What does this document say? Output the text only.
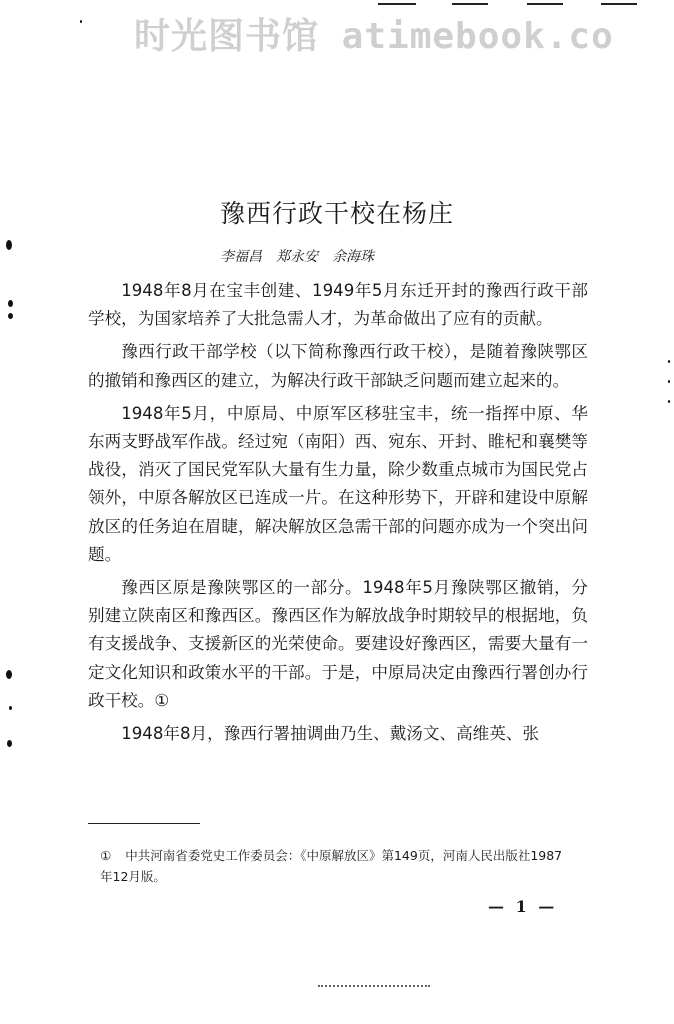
时光图书馆 atimebook.co
豫西行政干校在杨庄
李福昌　郑永安　余海珠

1948年8月在宝丰创建、1949年5月东迁开封的豫西行政干部学校，为国家培养了大批急需人才，为革命做出了应有的贡献。

豫西行政干部学校（以下简称豫西行政干校），是随着豫陕鄂区的撤销和豫西区的建立，为解决行政干部缺乏问题而建立起来的。

1948年5月，中原局、中原军区移驻宝丰，统一指挥中原、华东两支野战军作战。经过宛（南阳）西、宛东、开封、睢杞和襄樊等战役，消灭了国民党军队大量有生力量，除少数重点城市为国民党占领外，中原各解放区已连成一片。在这种形势下，开辟和建设中原解放区的任务迫在眉睫，解决解放区急需干部的问题亦成为一个突出问题。

豫西区原是豫陕鄂区的一部分。1948年5月豫陕鄂区撤销，分别建立陕南区和豫西区。豫西区作为解放战争时期较早的根据地，负有支援战争、支援新区的光荣使命。要建设好豫西区，需要大量有一定文化知识和政策水平的干部。于是，中原局决定由豫西行署创办行政干校。①

1948年8月，豫西行署抽调曲乃生、戴汤文、高维英、张

① 中共河南省委党史工作委员会：《中原解放区》第149页，河南人民出版社1987年12月版。
— 1 —
